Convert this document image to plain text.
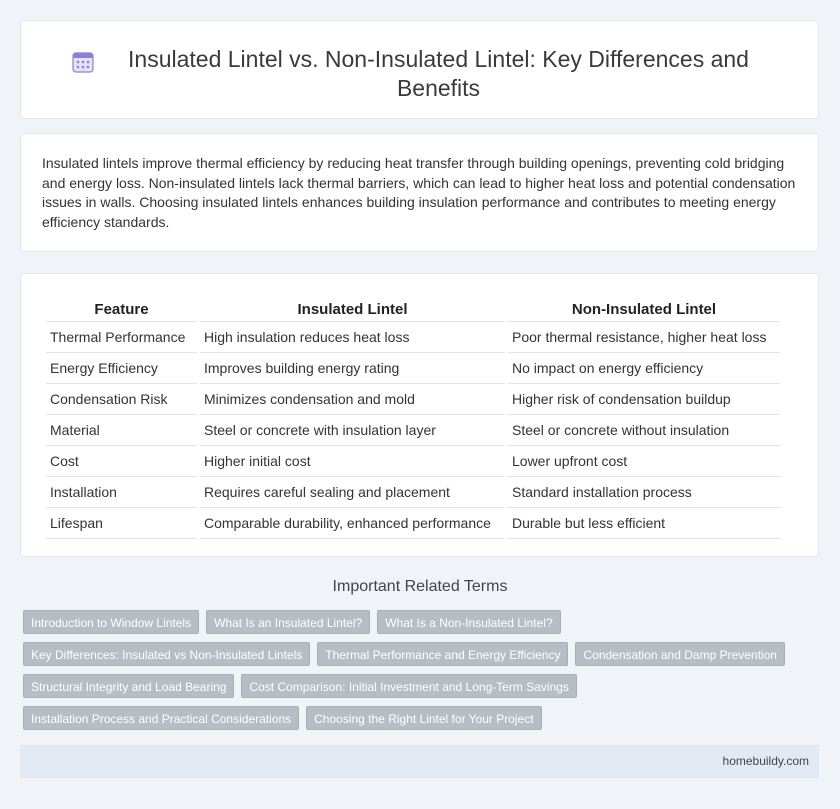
Insulated Lintel vs. Non-Insulated Lintel: Key Differences and Benefits

Insulated lintels improve thermal efficiency by reducing heat transfer through building openings, preventing cold bridging and energy loss. Non-insulated lintels lack thermal barriers, which can lead to higher heat loss and potential condensation issues in walls. Choosing insulated lintels enhances building insulation performance and contributes to meeting energy efficiency standards.

Feature	Insulated Lintel	Non-Insulated Lintel
Thermal Performance	High insulation reduces heat loss	Poor thermal resistance, higher heat loss
Energy Efficiency	Improves building energy rating	No impact on energy efficiency
Condensation Risk	Minimizes condensation and mold	Higher risk of condensation buildup
Material	Steel or concrete with insulation layer	Steel or concrete without insulation
Cost	Higher initial cost	Lower upfront cost
Installation	Requires careful sealing and placement	Standard installation process
Lifespan	Comparable durability, enhanced performance	Durable but less efficient
Important Related Terms
Introduction to Window Lintels	What Is an Insulated Lintel?	What Is a Non-Insulated Lintel?
Key Differences: Insulated vs Non-Insulated Lintels	Thermal Performance and Energy Efficiency	Condensation and Damp Prevention
Structural Integrity and Load Bearing	Cost Comparison: Initial Investment and Long-Term Savings
Installation Process and Practical Considerations	Choosing the Right Lintel for Your Project
homebuildy.com
